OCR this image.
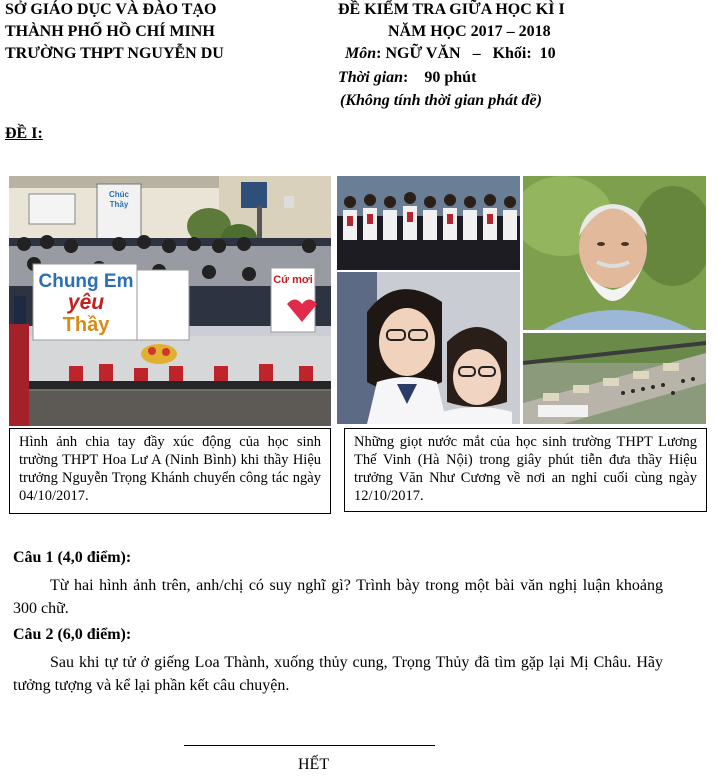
SỞ GIÁO DỤC VÀ ĐÀO TẠO
THÀNH PHỐ HỒ CHÍ MINH
TRƯỜNG THPT NGUYỄN DU
ĐỀ KIỂM TRA GIỮA HỌC KÌ I
NĂM HỌC 2017 – 2018
Môn: NGỮ VĂN   –   Khối:  10
Thời gian:    90 phút
(Không tính thời gian phát đề)
ĐỀ I:
Chung Em
yêu
Thầy
Cứ mơi
Chúc Thầy
Hình ảnh chia tay đầy xúc động của học sinh trường THPT Hoa Lư A (Ninh Bình) khi thầy Hiệu trưởng Nguyễn Trọng Khánh chuyển công tác ngày 04/10/2017.
Những giọt nước mắt của học sinh trường THPT Lương Thế Vinh (Hà Nội) trong giây phút tiễn đưa thầy Hiệu trưởng Văn Như Cương về nơi an nghỉ cuối cùng ngày 12/10/2017.
Câu 1 (4,0 điểm):
Từ hai hình ảnh trên, anh/chị có suy nghĩ gì? Trình bày trong một bài văn nghị luận khoảng 300 chữ.
Câu 2 (6,0 điểm):
Sau khi tự tử ở giếng Loa Thành, xuống thủy cung, Trọng Thủy đã tìm gặp lại Mị Châu. Hãy tưởng tượng và kể lại phần kết câu chuyện.
HẾT
